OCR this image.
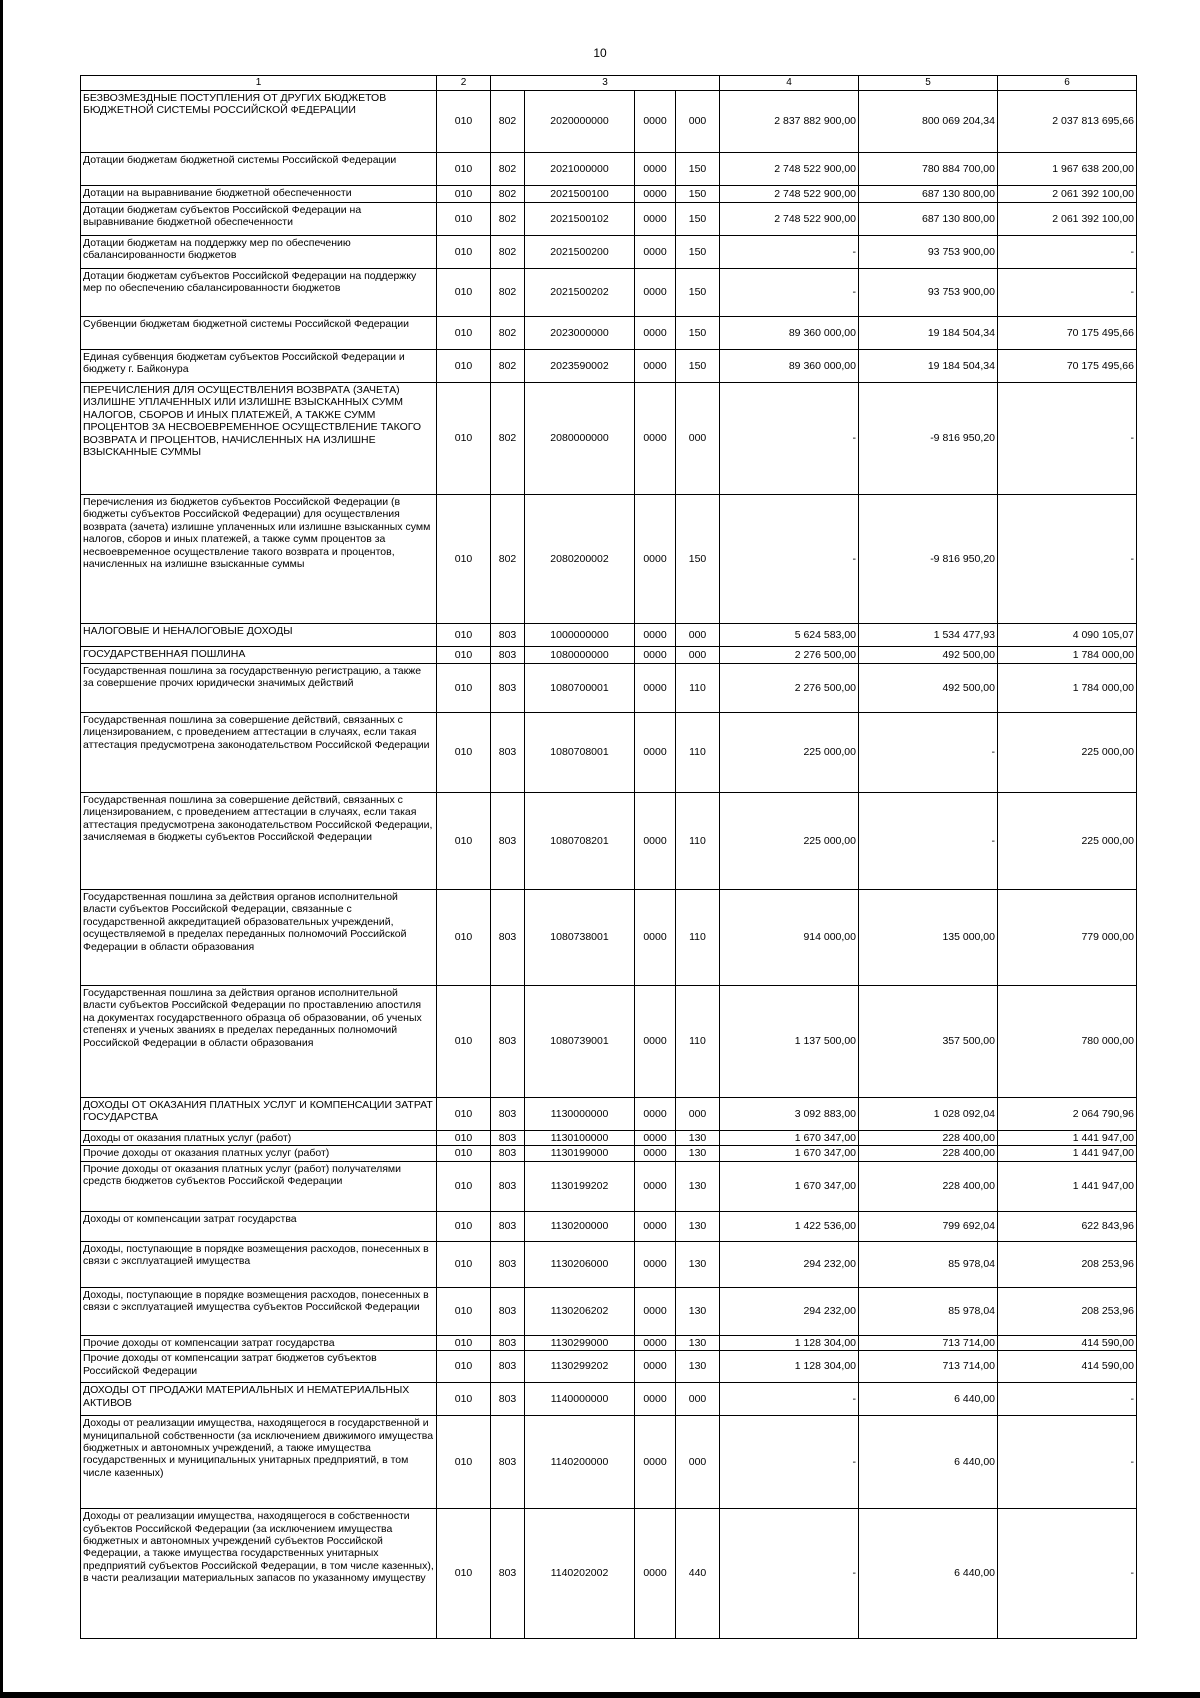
10
1	2	3				4	5	6
БЕЗВОЗМЕЗДНЫЕ ПОСТУПЛЕНИЯ ОТ ДРУГИХ БЮДЖЕТОВ БЮДЖЕТНОЙ СИСТЕМЫ РОССИЙСКОЙ ФЕДЕРАЦИИ	010	802	2020000000	0000	000	2 837 882 900,00	800 069 204,34	2 037 813 695,66
Дотации бюджетам бюджетной системы Российской Федерации	010	802	2021000000	0000	150	2 748 522 900,00	780 884 700,00	1 967 638 200,00
Дотации на выравнивание бюджетной обеспеченности	010	802	2021500100	0000	150	2 748 522 900,00	687 130 800,00	2 061 392 100,00
Дотации бюджетам субъектов Российской Федерации на выравнивание бюджетной обеспеченности	010	802	2021500102	0000	150	2 748 522 900,00	687 130 800,00	2 061 392 100,00
Дотации бюджетам на поддержку мер по обеспечению сбалансированности бюджетов	010	802	2021500200	0000	150	-	93 753 900,00	-
Дотации бюджетам субъектов Российской Федерации на поддержку мер по обеспечению сбалансированности бюджетов	010	802	2021500202	0000	150	-	93 753 900,00	-
Субвенции бюджетам бюджетной системы Российской Федерации	010	802	2023000000	0000	150	89 360 000,00	19 184 504,34	70 175 495,66
Единая субвенция бюджетам субъектов Российской Федерации и бюджету г. Байконура	010	802	2023590002	0000	150	89 360 000,00	19 184 504,34	70 175 495,66
ПЕРЕЧИСЛЕНИЯ ДЛЯ ОСУЩЕСТВЛЕНИЯ ВОЗВРАТА (ЗАЧЕТА) ИЗЛИШНЕ УПЛАЧЕННЫХ ИЛИ ИЗЛИШНЕ ВЗЫСКАННЫХ СУММ НАЛОГОВ, СБОРОВ И ИНЫХ ПЛАТЕЖЕЙ, А ТАКЖЕ СУММ ПРОЦЕНТОВ ЗА НЕСВОЕВРЕМЕННОЕ ОСУЩЕСТВЛЕНИЕ ТАКОГО ВОЗВРАТА И ПРОЦЕНТОВ, НАЧИСЛЕННЫХ НА ИЗЛИШНЕ ВЗЫСКАННЫЕ СУММЫ	010	802	2080000000	0000	000	-	-9 816 950,20	-
Перечисления из бюджетов субъектов Российской Федерации (в бюджеты субъектов Российской Федерации) для осуществления возврата (зачета) излишне уплаченных или излишне взысканных сумм налогов, сборов и иных платежей, а также сумм процентов за несвоевременное осуществление такого возврата и процентов, начисленных на излишне взысканные суммы	010	802	2080200002	0000	150	-	-9 816 950,20	-
НАЛОГОВЫЕ И НЕНАЛОГОВЫЕ ДОХОДЫ	010	803	1000000000	0000	000	5 624 583,00	1 534 477,93	4 090 105,07
ГОСУДАРСТВЕННАЯ ПОШЛИНА	010	803	1080000000	0000	000	2 276 500,00	492 500,00	1 784 000,00
Государственная пошлина за государственную регистрацию, а также за совершение прочих юридически значимых действий	010	803	1080700001	0000	110	2 276 500,00	492 500,00	1 784 000,00
Государственная пошлина за совершение действий, связанных с лицензированием, с проведением аттестации в случаях, если такая аттестация предусмотрена законодательством Российской Федерации	010	803	1080708001	0000	110	225 000,00	-	225 000,00
Государственная пошлина за совершение действий, связанных с лицензированием, с проведением аттестации в случаях, если такая аттестация предусмотрена законодательством Российской Федерации, зачисляемая в бюджеты субъектов Российской Федерации	010	803	1080708201	0000	110	225 000,00	-	225 000,00
Государственная пошлина за действия органов исполнительной власти субъектов Российской Федерации, связанные с государственной аккредитацией образовательных учреждений, осуществляемой в пределах переданных полномочий Российской Федерации в области образования	010	803	1080738001	0000	110	914 000,00	135 000,00	779 000,00
Государственная пошлина за действия органов исполнительной власти субъектов Российской Федерации по проставлению апостиля на документах государственного образца об образовании, об ученых степенях и ученых званиях в пределах переданных полномочий Российской Федерации в области образования	010	803	1080739001	0000	110	1 137 500,00	357 500,00	780 000,00
ДОХОДЫ ОТ ОКАЗАНИЯ ПЛАТНЫХ УСЛУГ И КОМПЕНСАЦИИ ЗАТРАТ ГОСУДАРСТВА	010	803	1130000000	0000	000	3 092 883,00	1 028 092,04	2 064 790,96
Доходы от оказания платных услуг (работ)	010	803	1130100000	0000	130	1 670 347,00	228 400,00	1 441 947,00
Прочие доходы от оказания платных услуг (работ)	010	803	1130199000	0000	130	1 670 347,00	228 400,00	1 441 947,00
Прочие доходы от оказания платных услуг (работ) получателями средств бюджетов субъектов Российской Федерации	010	803	1130199202	0000	130	1 670 347,00	228 400,00	1 441 947,00
Доходы от компенсации затрат государства	010	803	1130200000	0000	130	1 422 536,00	799 692,04	622 843,96
Доходы, поступающие в порядке возмещения расходов, понесенных в связи с эксплуатацией имущества	010	803	1130206000	0000	130	294 232,00	85 978,04	208 253,96
Доходы, поступающие в порядке возмещения расходов, понесенных в связи с эксплуатацией имущества субъектов Российской Федерации	010	803	1130206202	0000	130	294 232,00	85 978,04	208 253,96
Прочие доходы от компенсации затрат государства	010	803	1130299000	0000	130	1 128 304,00	713 714,00	414 590,00
Прочие доходы от компенсации затрат бюджетов субъектов Российской Федерации	010	803	1130299202	0000	130	1 128 304,00	713 714,00	414 590,00
ДОХОДЫ ОТ ПРОДАЖИ МАТЕРИАЛЬНЫХ И НЕМАТЕРИАЛЬНЫХ АКТИВОВ	010	803	1140000000	0000	000	-	6 440,00	-
Доходы от реализации имущества, находящегося в государственной и муниципальной собственности (за исключением движимого имущества бюджетных и автономных учреждений, а также имущества государственных и муниципальных унитарных предприятий, в том числе казенных)	010	803	1140200000	0000	000	-	6 440,00	-
Доходы от реализации имущества, находящегося в собственности субъектов Российской Федерации (за исключением имущества бюджетных и автономных учреждений субъектов Российской Федерации, а также имущества государственных унитарных предприятий субъектов Российской Федерации, в том числе казенных), в части реализации материальных запасов по указанному имуществу	010	803	1140202002	0000	440	-	6 440,00	-
